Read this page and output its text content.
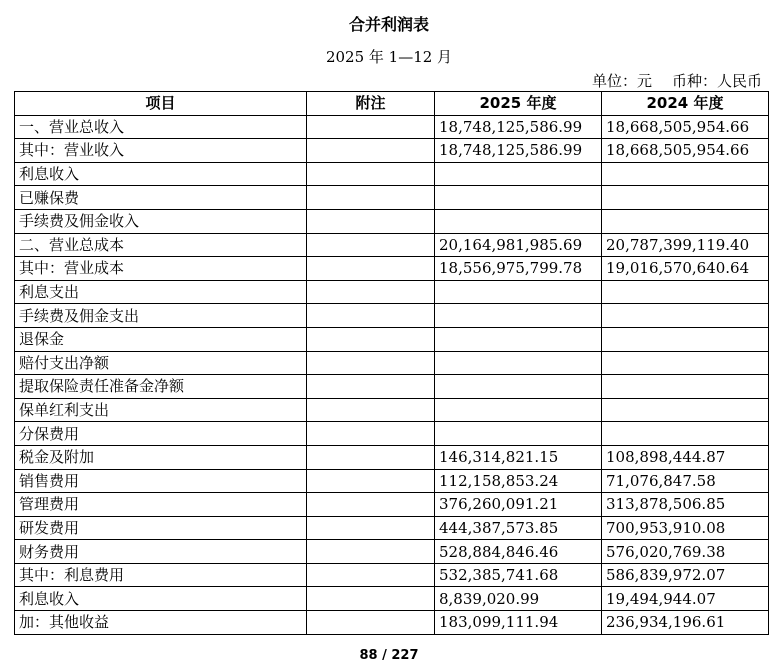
合并利润表
2025 年 1—12 月
单位：元 币种：人民币
项目	附注	2025 年度	2024 年度
一、营业总收入		18,748,125,586.99	18,668,505,954.66
其中：营业收入		18,748,125,586.99	18,668,505,954.66
利息收入			
已赚保费			
手续费及佣金收入			
二、营业总成本		20,164,981,985.69	20,787,399,119.40
其中：营业成本		18,556,975,799.78	19,016,570,640.64
利息支出			
手续费及佣金支出			
退保金			
赔付支出净额			
提取保险责任准备金净额			
保单红利支出			
分保费用			
税金及附加		146,314,821.15	108,898,444.87
销售费用		112,158,853.24	71,076,847.58
管理费用		376,260,091.21	313,878,506.85
研发费用		444,387,573.85	700,953,910.08
财务费用		528,884,846.46	576,020,769.38
其中：利息费用		532,385,741.68	586,839,972.07
利息收入		8,839,020.99	19,494,944.07
加：其他收益		183,099,111.94	236,934,196.61
88 / 227
